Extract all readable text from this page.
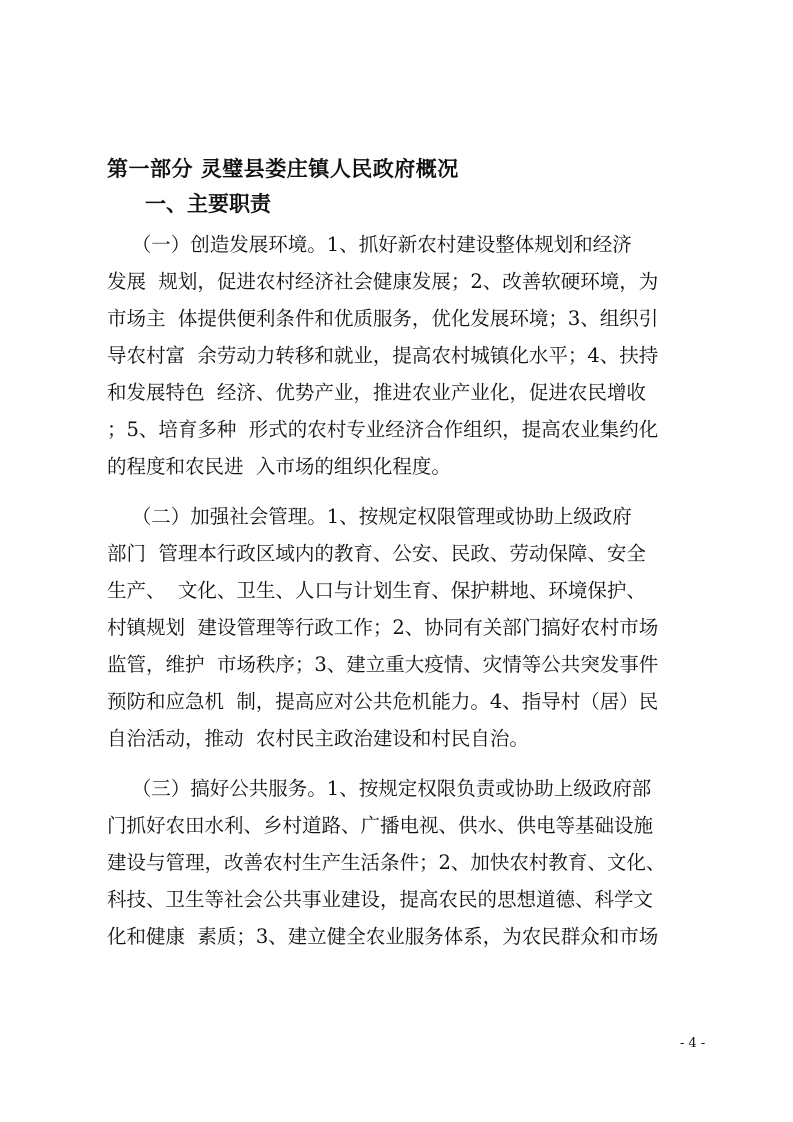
第一部分 灵璧县娄庄镇人民政府概况
一、主要职责
（一）创造发展环境。1、抓好新农村建设整体规划和经济
发展  规划，促进农村经济社会健康发展；2、改善软硬环境，为
市场主  体提供便利条件和优质服务，优化发展环境；3、组织引
导农村富  余劳动力转移和就业，提高农村城镇化水平；4、扶持
和发展特色  经济、优势产业，推进农业产业化，促进农民增收
；5、培育多种  形式的农村专业经济合作组织，提高农业集约化
的程度和农民进  入市场的组织化程度。
（二）加强社会管理。1、按规定权限管理或协助上级政府
部门  管理本行政区域内的教育、公安、民政、劳动保障、安全
生产、  文化、卫生、人口与计划生育、保护耕地、环境保护、
村镇规划  建设管理等行政工作；2、协同有关部门搞好农村市场
监管，维护  市场秩序；3、建立重大疫情、灾情等公共突发事件
预防和应急机  制，提高应对公共危机能力。4、指导村（居）民
自治活动，推动  农村民主政治建设和村民自治。
（三）搞好公共服务。1、按规定权限负责或协助上级政府部
门抓好农田水利、乡村道路、广播电视、供水、供电等基础设施
建设与管理，改善农村生产生活条件；2、加快农村教育、文化、
科技、卫生等社会公共事业建设，提高农民的思想道德、科学文
化和健康  素质；3、建立健全农业服务体系，为农民群众和市场
- 4 -
